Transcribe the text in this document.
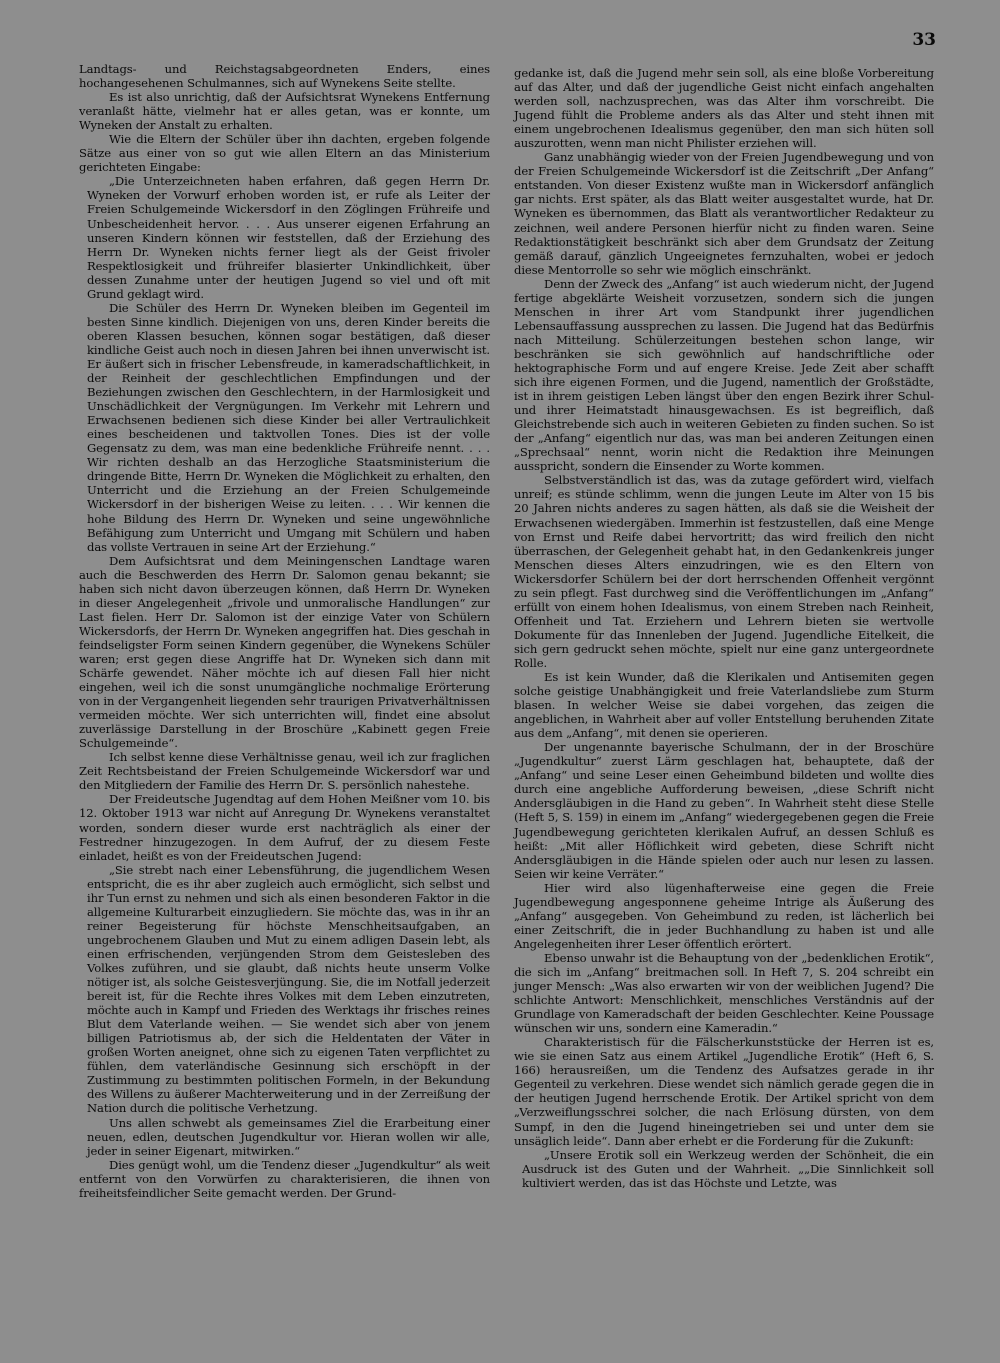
33

Landtags- und Reichstagsabgeordneten Enders, eines hochangesehenen Schulmannes, sich auf Wynekens Seite stellte.

Es ist also unrichtig, daß der Aufsichtsrat Wynekens Entfernung veranlaßt hätte, vielmehr hat er alles getan, was er konnte, um Wyneken der Anstalt zu erhalten.

Wie die Eltern der Schüler über ihn dachten, ergeben folgende Sätze aus einer von so gut wie allen Eltern an das Ministerium gerichteten Eingabe:

„Die Unterzeichneten haben erfahren, daß gegen Herrn Dr. Wyneken der Vorwurf erhoben worden ist, er rufe als Leiter der Freien Schulgemeinde Wickersdorf in den Zöglingen Frühreife und Unbescheidenheit hervor. . . . Aus unserer eigenen Erfahrung an unseren Kindern können wir feststellen, daß der Erziehung des Herrn Dr. Wyneken nichts ferner liegt als der Geist frivoler Respektlosigkeit und frühreifer blasierter Unkindlichkeit, über dessen Zunahme unter der heutigen Jugend so viel und oft mit Grund geklagt wird.

Die Schüler des Herrn Dr. Wyneken bleiben im Gegenteil im besten Sinne kindlich. Diejenigen von uns, deren Kinder bereits die oberen Klassen besuchen, können sogar bestätigen, daß dieser kindliche Geist auch noch in diesen Jahren bei ihnen unverwischt ist. Er äußert sich in frischer Lebensfreude, in kameradschaftlichkeit, in der Reinheit der geschlechtlichen Empfindungen und der Beziehungen zwischen den Geschlechtern, in der Harmlosigkeit und Unschädlichkeit der Vergnügungen. Im Verkehr mit Lehrern und Erwachsenen bedienen sich diese Kinder bei aller Vertraulichkeit eines bescheidenen und taktvollen Tones. Dies ist der volle Gegensatz zu dem, was man eine bedenkliche Frühreife nennt. . . . Wir richten deshalb an das Herzogliche Staatsministerium die dringende Bitte, Herrn Dr. Wyneken die Möglichkeit zu erhalten, den Unterricht und die Erziehung an der Freien Schulgemeinde Wickersdorf in der bisherigen Weise zu leiten. . . . Wir kennen die hohe Bildung des Herrn Dr. Wyneken und seine ungewöhnliche Befähigung zum Unterricht und Umgang mit Schülern und haben das vollste Vertrauen in seine Art der Erziehung.“

Dem Aufsichtsrat und dem Meiningenschen Landtage waren auch die Beschwerden des Herrn Dr. Salomon genau bekannt; sie haben sich nicht davon überzeugen können, daß Herrn Dr. Wyneken in dieser Angelegenheit „frivole und unmoralische Handlungen“ zur Last fielen. Herr Dr. Salomon ist der einzige Vater von Schülern Wickersdorfs, der Herrn Dr. Wyneken angegriffen hat. Dies geschah in feindseligster Form seinen Kindern gegenüber, die Wynekens Schüler waren; erst gegen diese Angriffe hat Dr. Wyneken sich dann mit Schärfe gewendet. Näher möchte ich auf diesen Fall hier nicht eingehen, weil ich die sonst unumgängliche nochmalige Erörterung von in der Vergangenheit liegenden sehr traurigen Privatverhältnissen vermeiden möchte. Wer sich unterrichten will, findet eine absolut zuverlässige Darstellung in der Broschüre „Kabinett gegen Freie Schulgemeinde“.

Ich selbst kenne diese Verhältnisse genau, weil ich zur fraglichen Zeit Rechtsbeistand der Freien Schulgemeinde Wickersdorf war und den Mitgliedern der Familie des Herrn Dr. S. persönlich nahestehe.

Der Freideutsche Jugendtag auf dem Hohen Meißner vom 10. bis 12. Oktober 1913 war nicht auf Anregung Dr. Wynekens veranstaltet worden, sondern dieser wurde erst nachträglich als einer der Festredner hinzugezogen. In dem Aufruf, der zu diesem Feste einladet, heißt es von der Freideutschen Jugend:

„Sie strebt nach einer Lebensführung, die jugendlichem Wesen entspricht, die es ihr aber zugleich auch ermöglicht, sich selbst und ihr Tun ernst zu nehmen und sich als einen besonderen Faktor in die allgemeine Kulturarbeit einzugliedern. Sie möchte das, was in ihr an reiner Begeisterung für höchste Menschheitsaufgaben, an ungebrochenem Glauben und Mut zu einem adligen Dasein lebt, als einen erfrischenden, verjüngenden Strom dem Geistesleben des Volkes zuführen, und sie glaubt, daß nichts heute unserm Volke nötiger ist, als solche Geistesverjüngung. Sie, die im Notfall jederzeit bereit ist, für die Rechte ihres Volkes mit dem Leben einzutreten, möchte auch in Kampf und Frieden des Werktags ihr frisches reines Blut dem Vaterlande weihen. — Sie wendet sich aber von jenem billigen Patriotismus ab, der sich die Heldentaten der Väter in großen Worten aneignet, ohne sich zu eigenen Taten verpflichtet zu fühlen, dem vaterländische Gesinnung sich erschöpft in der Zustimmung zu bestimmten politischen Formeln, in der Bekundung des Willens zu äußerer Machterweiterung und in der Zerreißung der Nation durch die politische Verhetzung.

Uns allen schwebt als gemeinsames Ziel die Erarbeitung einer neuen, edlen, deutschen Jugendkultur vor. Hieran wollen wir alle, jeder in seiner Eigenart, mitwirken.“

Dies genügt wohl, um die Tendenz dieser „Jugendkultur“ als weit entfernt von den Vorwürfen zu charakterisieren, die ihnen von freiheitsfeindlicher Seite gemacht werden. Der Grund-

gedanke ist, daß die Jugend mehr sein soll, als eine bloße Vorbereitung auf das Alter, und daß der jugendliche Geist nicht einfach angehalten werden soll, nachzusprechen, was das Alter ihm vorschreibt. Die Jugend fühlt die Probleme anders als das Alter und steht ihnen mit einem ungebrochenen Idealismus gegenüber, den man sich hüten soll auszurotten, wenn man nicht Philister erziehen will.

Ganz unabhängig wieder von der Freien Jugendbewegung und von der Freien Schulgemeinde Wickersdorf ist die Zeitschrift „Der Anfang“ entstanden. Von dieser Existenz wußte man in Wickersdorf anfänglich gar nichts. Erst später, als das Blatt weiter ausgestaltet wurde, hat Dr. Wyneken es übernommen, das Blatt als verantwortlicher Redakteur zu zeichnen, weil andere Personen hierfür nicht zu finden waren. Seine Redaktionstätigkeit beschränkt sich aber dem Grundsatz der Zeitung gemäß darauf, gänzlich Ungeeignetes fernzuhalten, wobei er jedoch diese Mentorrolle so sehr wie möglich einschränkt.

Denn der Zweck des „Anfang“ ist auch wiederum nicht, der Jugend fertige abgeklärte Weisheit vorzusetzen, sondern sich die jungen Menschen in ihrer Art vom Standpunkt ihrer jugendlichen Lebensauffassung aussprechen zu lassen. Die Jugend hat das Bedürfnis nach Mitteilung. Schülerzeitungen bestehen schon lange, wir beschränken sie sich gewöhnlich auf handschriftliche oder hektographische Form und auf engere Kreise. Jede Zeit aber schafft sich ihre eigenen Formen, und die Jugend, namentlich der Großstädte, ist in ihrem geistigen Leben längst über den engen Bezirk ihrer Schul- und ihrer Heimatstadt hinausgewachsen. Es ist begreiflich, daß Gleichstrebende sich auch in weiteren Gebieten zu finden suchen. So ist der „Anfang“ eigentlich nur das, was man bei anderen Zeitungen einen „Sprechsaal“ nennt, worin nicht die Redaktion ihre Meinungen ausspricht, sondern die Einsender zu Worte kommen.

Selbstverständlich ist das, was da zutage gefördert wird, vielfach unreif; es stünde schlimm, wenn die jungen Leute im Alter von 15 bis 20 Jahren nichts anderes zu sagen hätten, als daß sie die Weisheit der Erwachsenen wiedergäben. Immerhin ist festzustellen, daß eine Menge von Ernst und Reife dabei hervortritt; das wird freilich den nicht überraschen, der Gelegenheit gehabt hat, in den Gedankenkreis junger Menschen dieses Alters einzudringen, wie es den Eltern von Wickersdorfer Schülern bei der dort herrschenden Offenheit vergönnt zu sein pflegt. Fast durchweg sind die Veröffentlichungen im „Anfang“ erfüllt von einem hohen Idealismus, von einem Streben nach Reinheit, Offenheit und Tat. Erziehern und Lehrern bieten sie wertvolle Dokumente für das Innenleben der Jugend. Jugendliche Eitelkeit, die sich gern gedruckt sehen möchte, spielt nur eine ganz untergeordnete Rolle.

Es ist kein Wunder, daß die Klerikalen und Antisemiten gegen solche geistige Unabhängigkeit und freie Vaterlandsliebe zum Sturm blasen. In welcher Weise sie dabei vorgehen, das zeigen die angeblichen, in Wahrheit aber auf voller Entstellung beruhenden Zitate aus dem „Anfang“, mit denen sie operieren.

Der ungenannte bayerische Schulmann, der in der Broschüre „Jugendkultur“ zuerst Lärm geschlagen hat, behauptete, daß der „Anfang“ und seine Leser einen Geheimbund bildeten und wollte dies durch eine angebliche Aufforderung beweisen, „diese Schrift nicht Andersgläubigen in die Hand zu geben“. In Wahrheit steht diese Stelle (Heft 5, S. 159) in einem im „Anfang“ wiedergegebenen gegen die Freie Jugendbewegung gerichteten klerikalen Aufruf, an dessen Schluß es heißt: „Mit aller Höflichkeit wird gebeten, diese Schrift nicht Andersgläubigen in die Hände spielen oder auch nur lesen zu lassen. Seien wir keine Verräter.“

Hier wird also lügenhafterweise eine gegen die Freie Jugendbewegung angesponnene geheime Intrige als Äußerung des „Anfang“ ausgegeben. Von Geheimbund zu reden, ist lächerlich bei einer Zeitschrift, die in jeder Buchhandlung zu haben ist und alle Angelegenheiten ihrer Leser öffentlich erörtert.

Ebenso unwahr ist die Behauptung von der „bedenklichen Erotik“, die sich im „Anfang“ breitmachen soll. In Heft 7, S. 204 schreibt ein junger Mensch: „Was also erwarten wir von der weiblichen Jugend? Die schlichte Antwort: Menschlichkeit, menschliches Verständnis auf der Grundlage von Kameradschaft der beiden Geschlechter. Keine Poussage wünschen wir uns, sondern eine Kameradin.“

Charakteristisch für die Fälscherkunststücke der Herren ist es, wie sie einen Satz aus einem Artikel „Jugendliche Erotik“ (Heft 6, S. 166) herausreißen, um die Tendenz des Aufsatzes gerade in ihr Gegenteil zu verkehren. Diese wendet sich nämlich gerade gegen die in der heutigen Jugend herrschende Erotik. Der Artikel spricht von dem „Verzweiflungsschrei solcher, die nach Erlösung dürsten, von dem Sumpf, in den die Jugend hineingetrieben sei und unter dem sie unsäglich leide“. Dann aber erhebt er die Forderung für die Zukunft:

„Unsere Erotik soll ein Werkzeug werden der Schönheit, die ein Ausdruck ist des Guten und der Wahrheit. „„Die Sinnlichkeit soll kultiviert werden, das ist das Höchste und Letzte, was
